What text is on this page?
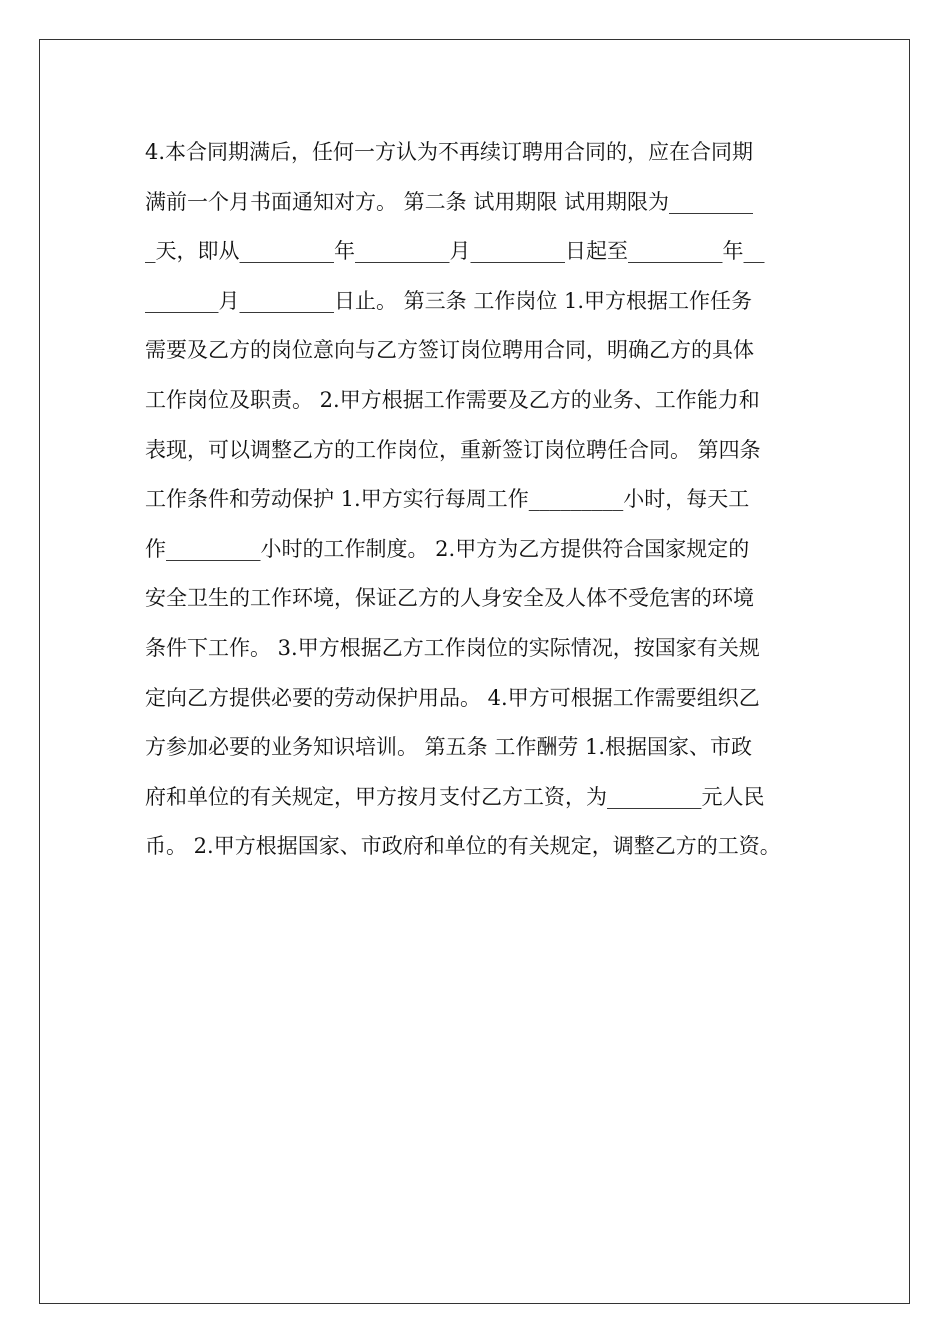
4.本合同期满后，任何一方认为不再续订聘用合同的，应在合同期
满前一个月书面通知对方。 第二条 试用期限 试用期限为________
_天，即从_________年_________月_________日起至_________年__
_______月_________日止。 第三条 工作岗位 1.甲方根据工作任务
需要及乙方的岗位意向与乙方签订岗位聘用合同，明确乙方的具体
工作岗位及职责。 2.甲方根据工作需要及乙方的业务、工作能力和
表现，可以调整乙方的工作岗位，重新签订岗位聘任合同。 第四条
工作条件和劳动保护 1.甲方实行每周工作_________小时，每天工
作_________小时的工作制度。 2.甲方为乙方提供符合国家规定的
安全卫生的工作环境，保证乙方的人身安全及人体不受危害的环境
条件下工作。 3.甲方根据乙方工作岗位的实际情况，按国家有关规
定向乙方提供必要的劳动保护用品。 4.甲方可根据工作需要组织乙
方参加必要的业务知识培训。 第五条 工作酬劳 1.根据国家、市政
府和单位的有关规定，甲方按月支付乙方工资，为_________元人民
币。 2.甲方根据国家、市政府和单位的有关规定，调整乙方的工资。
